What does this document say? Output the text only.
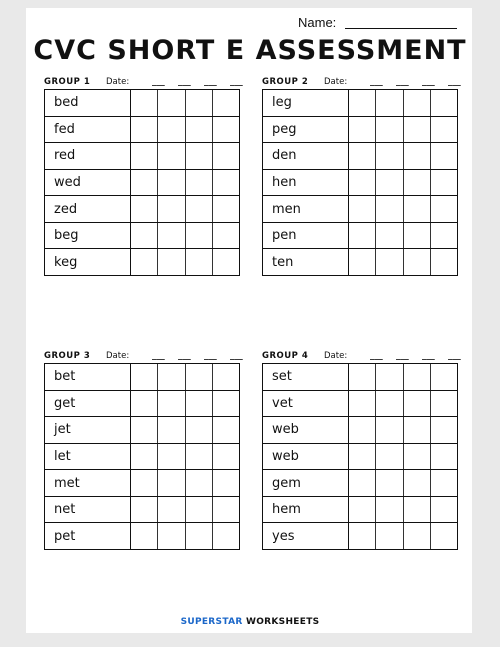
Name:
CVC SHORT E ASSESSMENT
GROUP 1 Date:	___ ___ ___ ___
bed
fed
red
wed
zed
beg
keg
GROUP 2 Date:	___ ___ ___ ___
leg
peg
den
hen
men
pen
ten
GROUP 3 Date:	___ ___ ___ ___
bet
get
jet
let
met
net
pet
GROUP 4 Date:	___ ___ ___ ___
set
vet
web
web
gem
hem
yes
SUPERSTAR WORKSHEETS
